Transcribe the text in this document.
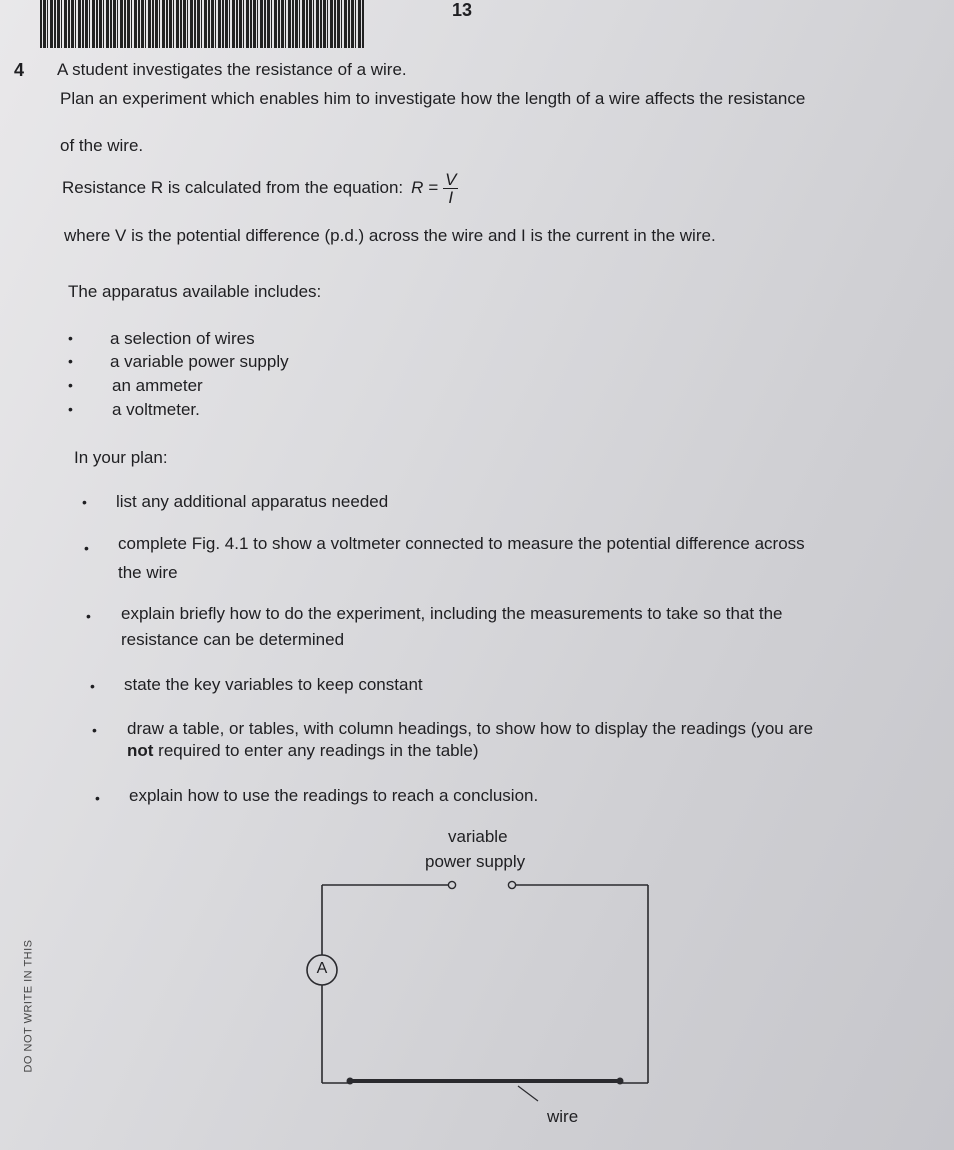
13
DO NOT WRITE IN THIS
4 A student investigates the resistance of a wire.
Plan an experiment which enables him to investigate how the length of a wire affects the resistance
of the wire.
Resistance R is calculated from the equation: $R = \frac{V}{I}$
where V is the potential difference (p.d.) across the wire and I is the current in the wire.
The apparatus available includes:
• a selection of wires
• a variable power supply
• an ammeter
• a voltmeter.
In your plan:
• list any additional apparatus needed
• complete Fig. 4.1 to show a voltmeter connected to measure the potential difference across
the wire
• explain briefly how to do the experiment, including the measurements to take so that the
resistance can be determined
• state the key variables to keep constant
• draw a table, or tables, with column headings, to show how to display the readings (you are
not required to enter any readings in the table)
• explain how to use the readings to reach a conclusion.
variable
power supply
A
wire
